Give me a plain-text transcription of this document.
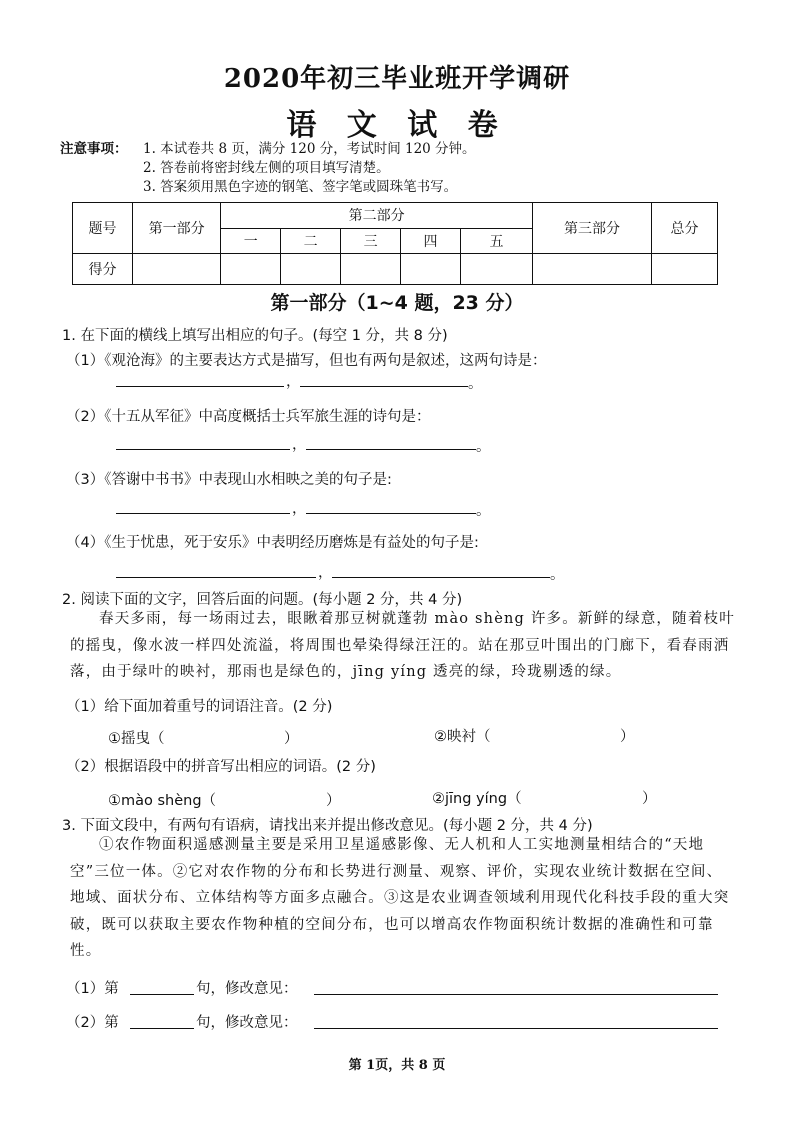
2020年初三毕业班开学调研
语 文 试 卷
注意事项： 1. 本试卷共 8 页，满分 120 分，考试时间 120 分钟。
2. 答卷前将密封线左侧的项目填写清楚。
3. 答案须用黑色字迹的钢笔、签字笔或圆珠笔书写。
题号	第一部分	第二部分					第三部分	总分
		一	二	三	四	五		
得分								
第一部分（1~4 题，23 分）
1. 在下面的横线上填写出相应的句子。(每空 1 分，共 8 分)
（1）《观沧海》的主要表达方式是描写，但也有两句是叙述，这两句诗是：
，	。
（2）《十五从军征》中高度概括士兵军旅生涯的诗句是：
，	。
（3）《答谢中书书》中表现山水相映之美的句子是:
，	。
（4）《生于忧患，死于安乐》中表明经历磨炼是有益处的句子是:
，	。
2. 阅读下面的文字，回答后面的问题。(每小题 2 分，共 4 分)
春天多雨，每一场雨过去，眼瞅着那豆树就蓬勃 mào shèng 许多。新鲜的绿意，随着枝叶的摇曳，像水波一样四处流溢，将周围也晕染得绿汪汪的。站在那豆叶围出的门廊下，看春雨洒落，由于绿叶的映衬，那雨也是绿色的，jīng yíng 透亮的绿，玲珑剔透的绿。
（1）给下面加着重号的词语注音。(2 分)
①摇曳（	）	②映衬（	）
（2）根据语段中的拼音写出相应的词语。(2 分)
①mào shèng（	）	②jīng yíng（	）
3. 下面文段中，有两句有语病，请找出来并提出修改意见。(每小题 2 分，共 4 分)
①农作物面积遥感测量主要是采用卫星遥感影像、无人机和人工实地测量相结合的“天地空”三位一体。②它对农作物的分布和长势进行测量、观察、评价，实现农业统计数据在空间、地域、面状分布、立体结构等方面多点融合。③这是农业调查领域利用现代化科技手段的重大突破，既可以获取主要农作物种植的空间分布，也可以增高农作物面积统计数据的准确性和可靠性。
（1）第	句，修改意见：
（2）第	句，修改意见：
第 1页，共 8 页
